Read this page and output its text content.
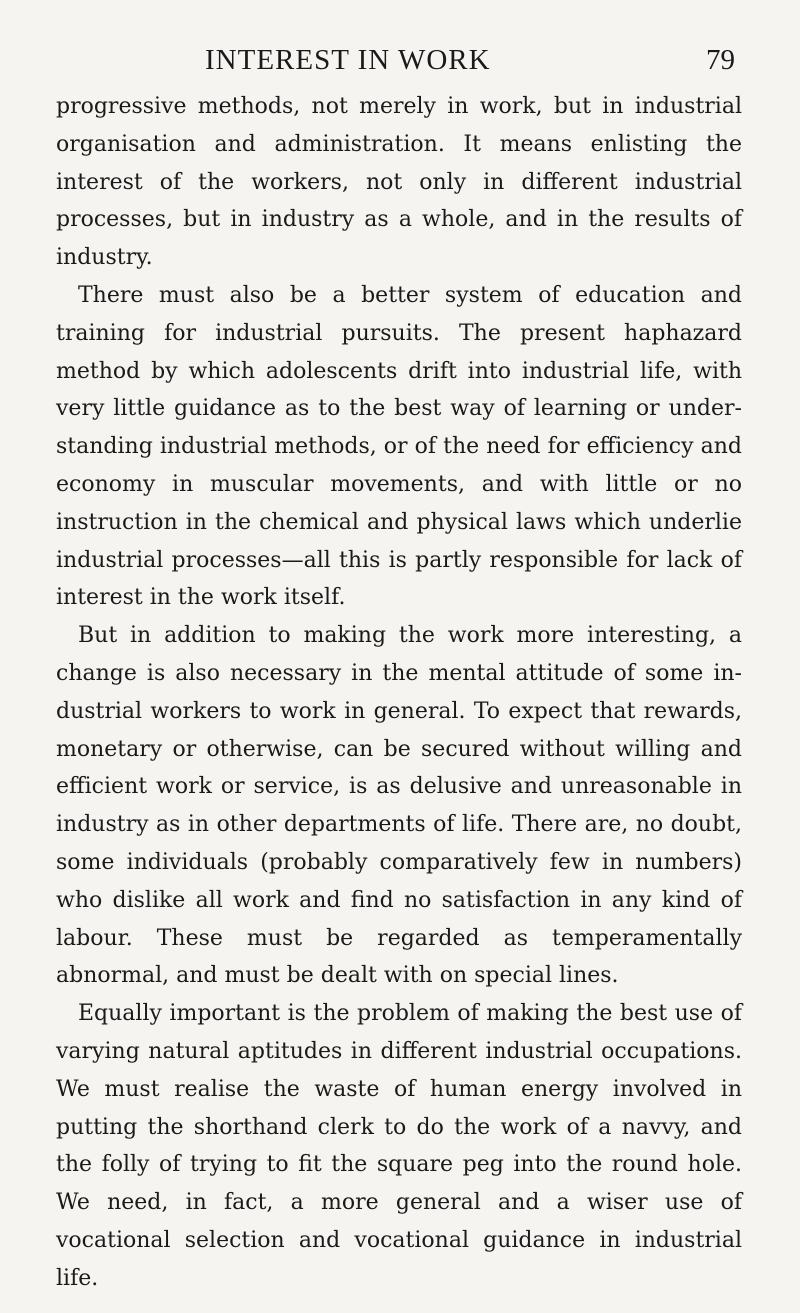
INTEREST IN WORK	79

progressive methods, not merely in work, but in industrial organisation and administration. It means enlisting the interest of the workers, not only in different industrial processes, but in industry as a whole, and in the results of industry.

There must also be a better system of education and training for industrial pursuits. The present haphazard method by which adolescents drift into industrial life, with very little guidance as to the best way of learning or under-standing industrial methods, or of the need for efficiency and economy in muscular movements, and with little or no instruction in the chemical and physical laws which underlie industrial processes—all this is partly responsible for lack of interest in the work itself.

But in addition to making the work more interesting, a change is also necessary in the mental attitude of some in-dustrial workers to work in general. To expect that rewards, monetary or otherwise, can be secured without willing and efficient work or service, is as delusive and unreasonable in industry as in other departments of life. There are, no doubt, some individuals (probably comparatively few in numbers) who dislike all work and find no satisfaction in any kind of labour. These must be regarded as temperamentally abnormal, and must be dealt with on special lines.

Equally important is the problem of making the best use of varying natural aptitudes in different industrial occupations. We must realise the waste of human energy involved in putting the shorthand clerk to do the work of a navvy, and the folly of trying to fit the square peg into the round hole. We need, in fact, a more general and a wiser use of vocational selection and vocational guidance in industrial life.
